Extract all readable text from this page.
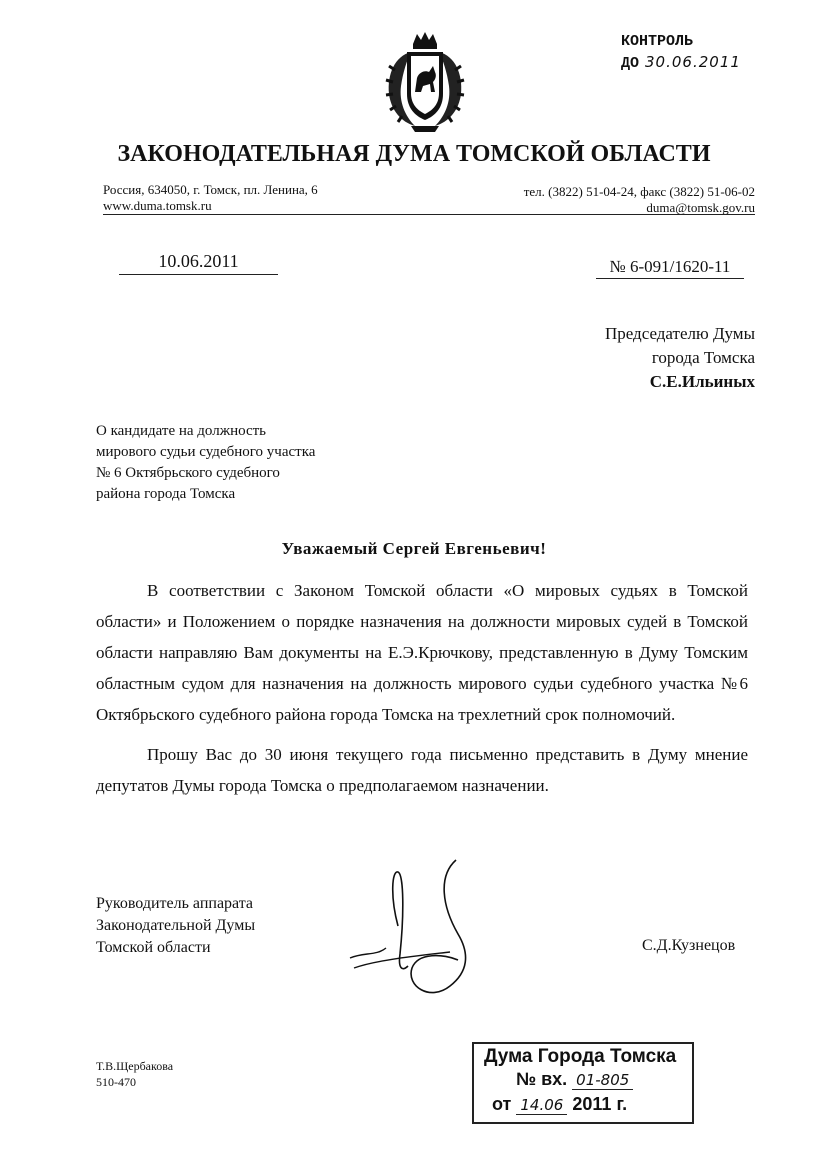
КОНТРОЛЬ
ДО 30.06.2011
ЗАКОНОДАТЕЛЬНАЯ ДУМА ТОМСКОЙ ОБЛАСТИ
Россия, 634050, г. Томск, пл. Ленина, 6
www.duma.tomsk.ru
тел. (3822) 51-04-24, факс (3822) 51-06-02
duma@tomsk.gov.ru
10.06.2011	№ 6-091/1620-11
Председателю Думы
города Томска
С.Е.Ильиных
О кандидате на должность
мирового судьи судебного участка
№ 6 Октябрьского судебного
района города Томска
Уважаемый Сергей Евгеньевич!

В соответствии с Законом Томской области «О мировых судьях в Томской области» и Положением о порядке назначения на должности мировых судей в Томской области направляю Вам документы на Е.Э.Крючкову, представленную в Думу Томским областным судом для назначения на должность мирового судьи судебного участка №6 Октябрьского судебного района города Томска на трехлетний срок полномочий.

Прошу Вас до 30 июня текущего года письменно представить в Думу мнение депутатов Думы города Томска о предполагаемом назначении.

Руководитель аппарата
Законодательной Думы
Томской области	С.Д.Кузнецов
Т.В.Щербакова
510-470
Дума Города Томска
№ вх. 01-805
от 14.06 2011 г.
